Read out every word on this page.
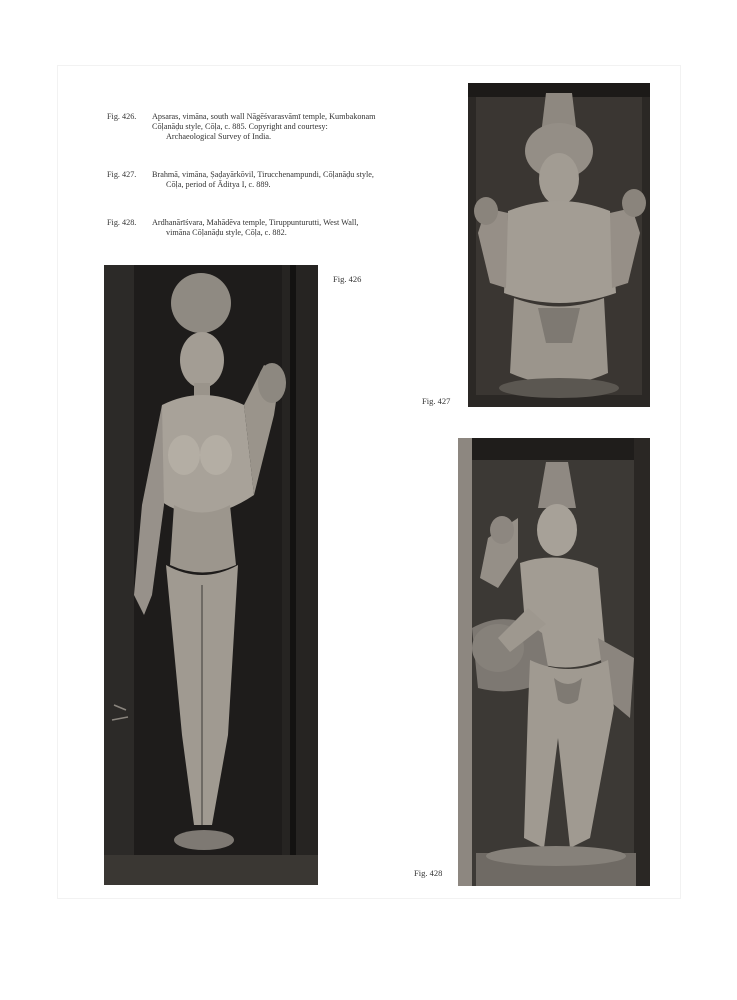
Fig. 426.	Apsaras, vimāna, south wall Nāgēśvarasvāmī temple, Kumbakonam
Cōḷanāḍu style, Cōḷa, c. 885. Copyright and courtesy:
Archaeological Survey of India.
Fig. 427.	Brahmā, vimāna, Ṣaḍayārkōvil, Tirucchenampundi, Cōḷanāḍu style,
Cōḷa, period of Āditya I, c. 889.
Fig. 428.	Ardhanārīśvara, Mahādēva temple, Tiruppunturutti, West Wall,
vimāna Cōḷanāḍu style, Cōḷa, c. 882.
Fig. 426
Fig. 427
Fig. 428
